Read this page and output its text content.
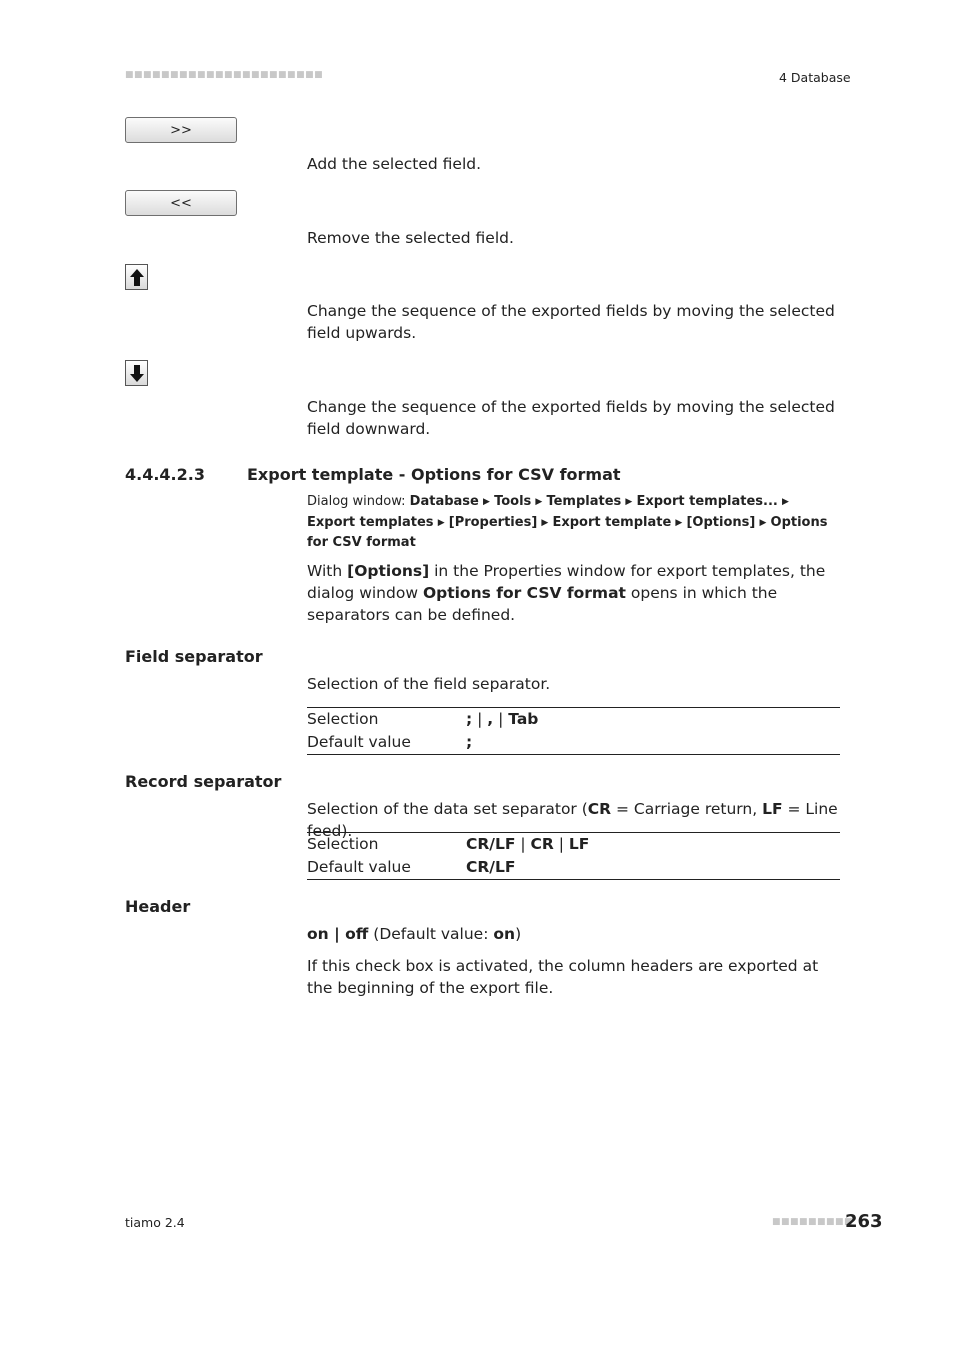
■■■■■■■■■■■■■■■■■■■■■■	4 Database
>>
Add the selected field.
<<
Remove the selected field.
Change the sequence of the exported fields by moving the selected field upwards.
Change the sequence of the exported fields by moving the selected field downward.
4.4.4.2.3	Export template - Options for CSV format
Dialog window: Database ▶ Tools ▶ Templates ▶ Export templates... ▶ Export templates ▶ [Properties] ▶ Export template ▶ [Options] ▶ Options for CSV format
With [Options] in the Properties window for export templates, the dialog window Options for CSV format opens in which the separators can be defined.
Field separator
Selection of the field separator.
Selection	; | , | Tab
Default value	;
Record separator
Selection of the data set separator (CR = Carriage return, LF = Line feed).
Selection	CR/LF | CR | LF
Default value	CR/LF
Header
on | off (Default value: on)
If this check box is activated, the column headers are exported at the beginning of the export file.
tiamo 2.4	■■■■■■■■■
263
